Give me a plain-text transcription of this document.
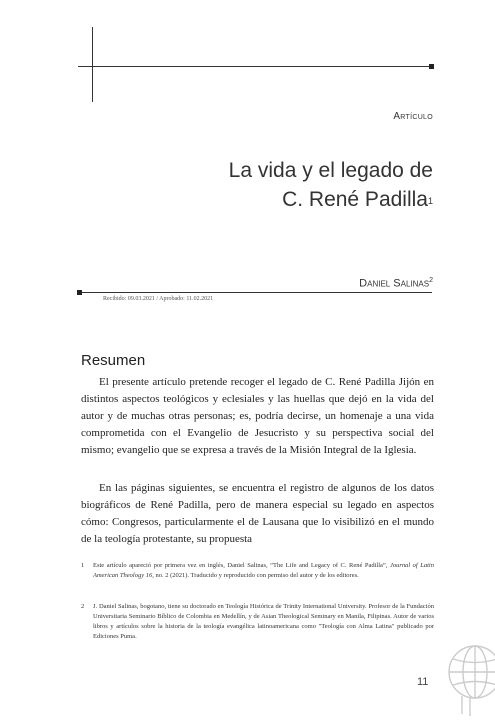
Artículo
La vida y el legado de
C. René Padilla$^1$
Daniel Salinas$^2$
Recibido: 09.03.2021 / Aprobado: 11.02.2021
Resumen

El presente artículo pretende recoger el legado de C. René Padilla Jijón en distintos aspectos teológicos y eclesiales y las huellas que dejó en la vida del autor y de muchas otras personas; es, podría decirse, un homenaje a una vida comprometida con el Evangelio de Jesucristo y su perspectiva social del mismo; evangelio que se expresa a través de la Misión Integral de la Iglesia.

En las páginas siguientes, se encuentra el registro de algunos de los datos biográficos de René Padilla, pero de manera especial su legado en aspectos cómo: Congresos, particularmente el de Lausana que lo visibilizó en el mundo de la teología protestante, su propuesta

1 Este artículo apareció por primera vez en inglés, Daniel Salinas, “The Life and Legacy of C. René Padilla”, Journal of Latin American Theology 16, no. 2 (2021). Traducido y reproducido con permiso del autor y de los editores.
2 J. Daniel Salinas, bogotano, tiene su doctorado en Teología Histórica de Trinity International University. Profesor de la Fundación Universitaria Seminario Bíblico de Colombia en Medellín, y de Asian Theological Seminary en Manila, Filipinas. Autor de varios libros y artículos sobre la historia de la teología evangélica latinoamericana como "Teología con Alma Latina" publicado por Ediciones Puma.
11
